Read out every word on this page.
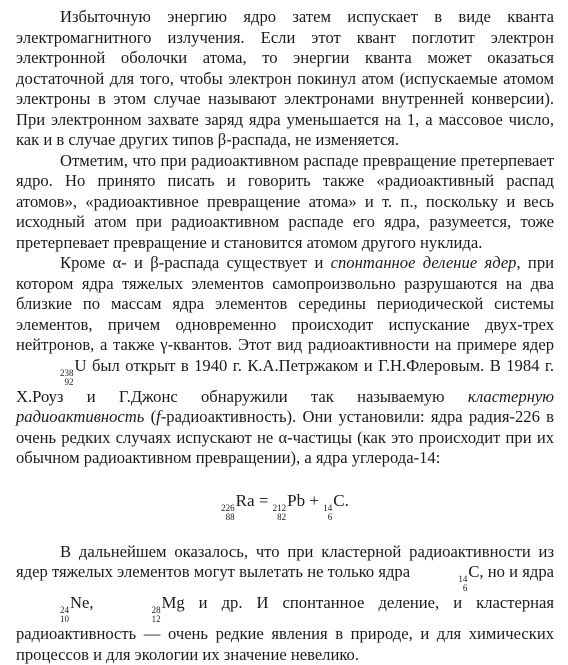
Избыточную энергию ядро затем испускает в виде кванта электромагнитного излучения. Если этот квант поглотит электрон электронной оболочки атома, то энергии кванта может оказаться достаточной для того, чтобы электрон покинул атом (испускаемые атомом электроны в этом случае называют электронами внутренней конверсии). При электронном захвате заряд ядра уменьшается на 1, а массовое число, как и в случае других типов β-распада, не изменяется.

Отметим, что при радиоактивном распаде превращение претерпевает ядро. Но принято писать и говорить также «радиоактивный распад атомов», «радиоактивное превращение атома» и т. п., поскольку и весь исходный атом при радиоактивном распаде его ядра, разумеется, тоже претерпевает превращение и становится атомом другого нуклида.

Кроме α- и β-распада существует и спонтанное деление ядер, при котором ядра тяжелых элементов самопроизвольно разрушаются на два близкие по массам ядра элементов середины периодической системы элементов, причем одновременно происходит испускание двух-трех нейтронов, а также γ-квантов. Этот вид радиоактивности на примере ядер
238
92
U был открыт в 1940 г. К.А.Петржаком и Г.Н.Флеровым. В 1984 г. Х.Роуз и Г.Джонс обнаружили так называемую кластерную радиоактивность (f-радиоактивность). Они установили: ядра радия-226 в очень редких случаях испускают не α-частицы (как это происходит при их обычном радиоактивном превращении), а ядра углерода-14:

226
88
Ra = 212
82
Pb + 14
6
C.

В дальнейшем оказалось, что при кластерной радиоактивности из ядер тяжелых элементов могут вылетать не только ядра	14
6
C, но и ядра
24
10
Ne,	28
12
Mg и др. И спонтанное деление, и кластерная радиоактивность — очень редкие явления в природе, и для химических процессов и для экологии их значение невелико.
